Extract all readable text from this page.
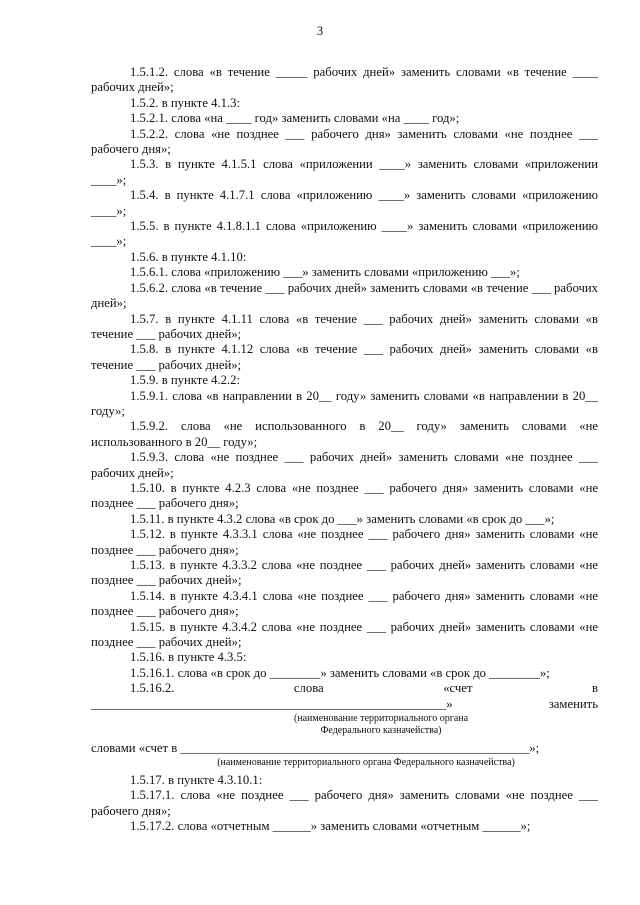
3

1.5.1.2. слова «в течение _____ рабочих дней» заменить словами «в течение ____ рабочих дней»;

1.5.2. в пункте 4.1.3:

1.5.2.1. слова «на ____ год» заменить словами «на ____ год»;

1.5.2.2. слова «не позднее ___ рабочего дня» заменить словами «не позднее ___ рабочего дня»;

1.5.3. в пункте 4.1.5.1 слова «приложении ____» заменить словами «приложении ____»;

1.5.4. в пункте 4.1.7.1 слова «приложению ____» заменить словами «приложению ____»;

1.5.5. в пункте 4.1.8.1.1 слова «приложению ____» заменить словами «приложению ____»;

1.5.6. в пункте 4.1.10:

1.5.6.1. слова «приложению ___» заменить словами «приложению ___»;

1.5.6.2. слова «в течение ___ рабочих дней» заменить словами «в течение ___ рабочих дней»;

1.5.7. в пункте 4.1.11 слова «в течение ___ рабочих дней» заменить словами «в течение ___ рабочих дней»;

1.5.8. в пункте 4.1.12 слова «в течение ___ рабочих дней» заменить словами «в течение ___ рабочих дней»;

1.5.9. в пункте 4.2.2:

1.5.9.1. слова «в направлении в 20__ году» заменить словами «в направлении в 20__ году»;

1.5.9.2. слова «не использованного в 20__ году» заменить словами «не использованного в 20__ году»;

1.5.9.3. слова «не позднее ___ рабочих дней» заменить словами «не позднее ___ рабочих дней»;

1.5.10. в пункте 4.2.3 слова «не позднее ___ рабочего дня» заменить словами «не позднее ___ рабочего дня»;

1.5.11. в пункте 4.3.2 слова «в срок до ___» заменить словами «в срок до ___»;

1.5.12. в пункте 4.3.3.1 слова «не позднее ___ рабочего дня» заменить словами «не позднее ___ рабочего дня»;

1.5.13. в пункте 4.3.3.2 слова «не позднее ___ рабочих дней» заменить словами «не позднее ___ рабочих дней»;

1.5.14. в пункте 4.3.4.1 слова «не позднее ___ рабочего дня» заменить словами «не позднее ___ рабочего дня»;

1.5.15. в пункте 4.3.4.2 слова «не позднее ___ рабочих дней» заменить словами «не позднее ___ рабочих дней»;

1.5.16. в пункте 4.3.5:

1.5.16.1. слова «в срок до ________» заменить словами «в срок до ________»;

1.5.16.2. слова «счет в ________________________________________________________» заменить

(наименование территориального органа Федерального казначейства)

словами «счет в _______________________________________________________»;

(наименование территориального органа Федерального казначейства)

1.5.17. в пункте 4.3.10.1:

1.5.17.1. слова «не позднее ___ рабочего дня» заменить словами «не позднее ___ рабочего дня»;

1.5.17.2. слова «отчетным ______» заменить словами «отчетным ______»;
